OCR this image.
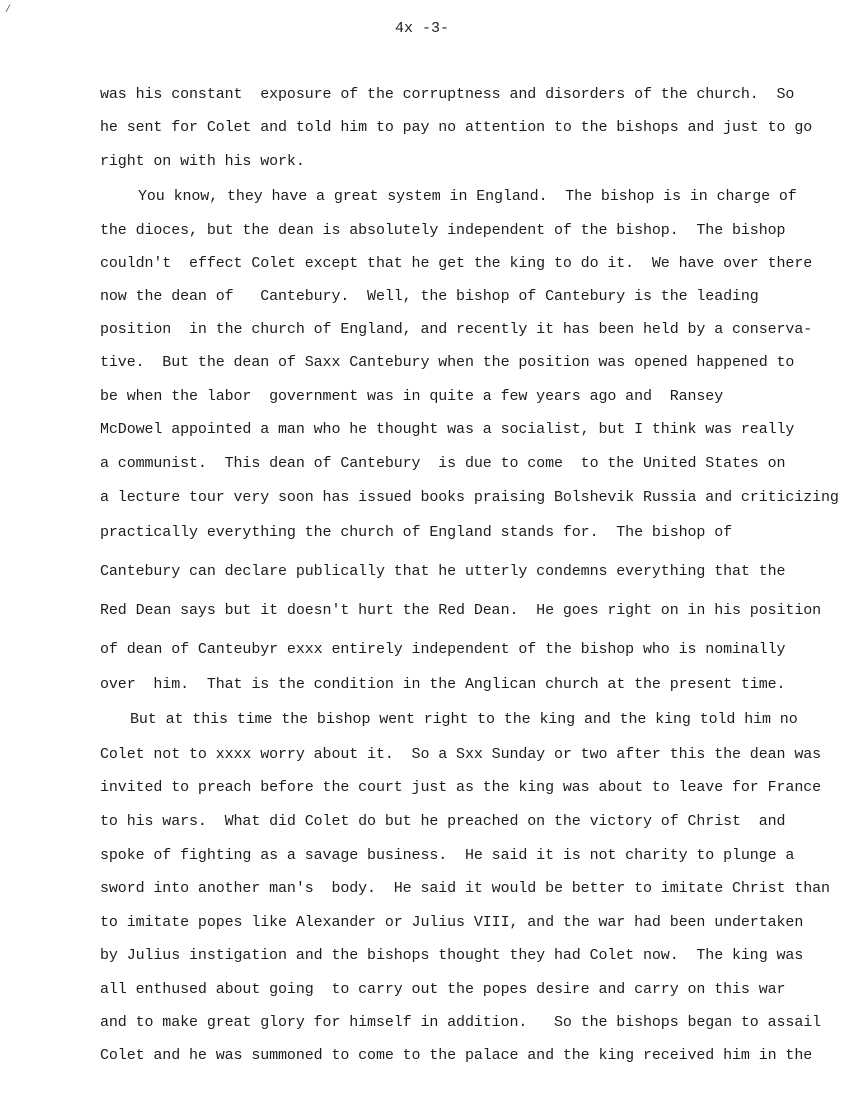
4x -3-
was his constant  exposure of the corruptness and disorders of the church.  So
he sent for Colet and told him to pay no attention to the bishops and just to go
right on with his work.
You know, they have a great system in England.  The bishop is in charge of
the dioces, but the dean is absolutely independent of the bishop.  The bishop
couldn't  effect Colet except that he get the king to do it.  We have over there
now the dean of   Cantebury.  Well, the bishop of Cantebury is the leading
position  in the church of England, and recently it has been held by a conserva-
tive.  But the dean of Saxx Cantebury when the position was opened happened to
be when the labor  government was in quite a few years ago and  Ransey
McDowel appointed a man who he thought was a socialist, but I think was really
a communist.  This dean of Cantebury  is due to come  to the United States on
a lecture tour very soon has issued books praising Bolshevik Russia and criticizing
practically everything the church of England stands for.  The bishop of
Cantebury can declare publically that he utterly condemns everything that the
Red Dean says but it doesn't hurt the Red Dean.  He goes right on in his position
of dean of Canteubyr exxx entirely independent of the bishop who is nominally
over  him.  That is the condition in the Anglican church at the present time.
But at this time the bishop went right to the king and the king told him no
Colet not to xxxx worry about it.  So a Sxx Sunday or two after this the dean was
invited to preach before the court just as the king was about to leave for France
to his wars.  What did Colet do but he preached on the victory of Christ  and
spoke of fighting as a savage business.  He said it is not charity to plunge a
sword into another man's  body.  He said it would be better to imitate Christ than
to imitate popes like Alexander or Julius VIII, and the war had been undertaken
by Julius instigation and the bishops thought they had Colet now.  The king was
all enthused about going  to carry out the popes desire and carry on this war
and to make great glory for himself in addition.   So the bishops began to assail
Colet and he was summoned to come to the palace and the king received him in the
/
